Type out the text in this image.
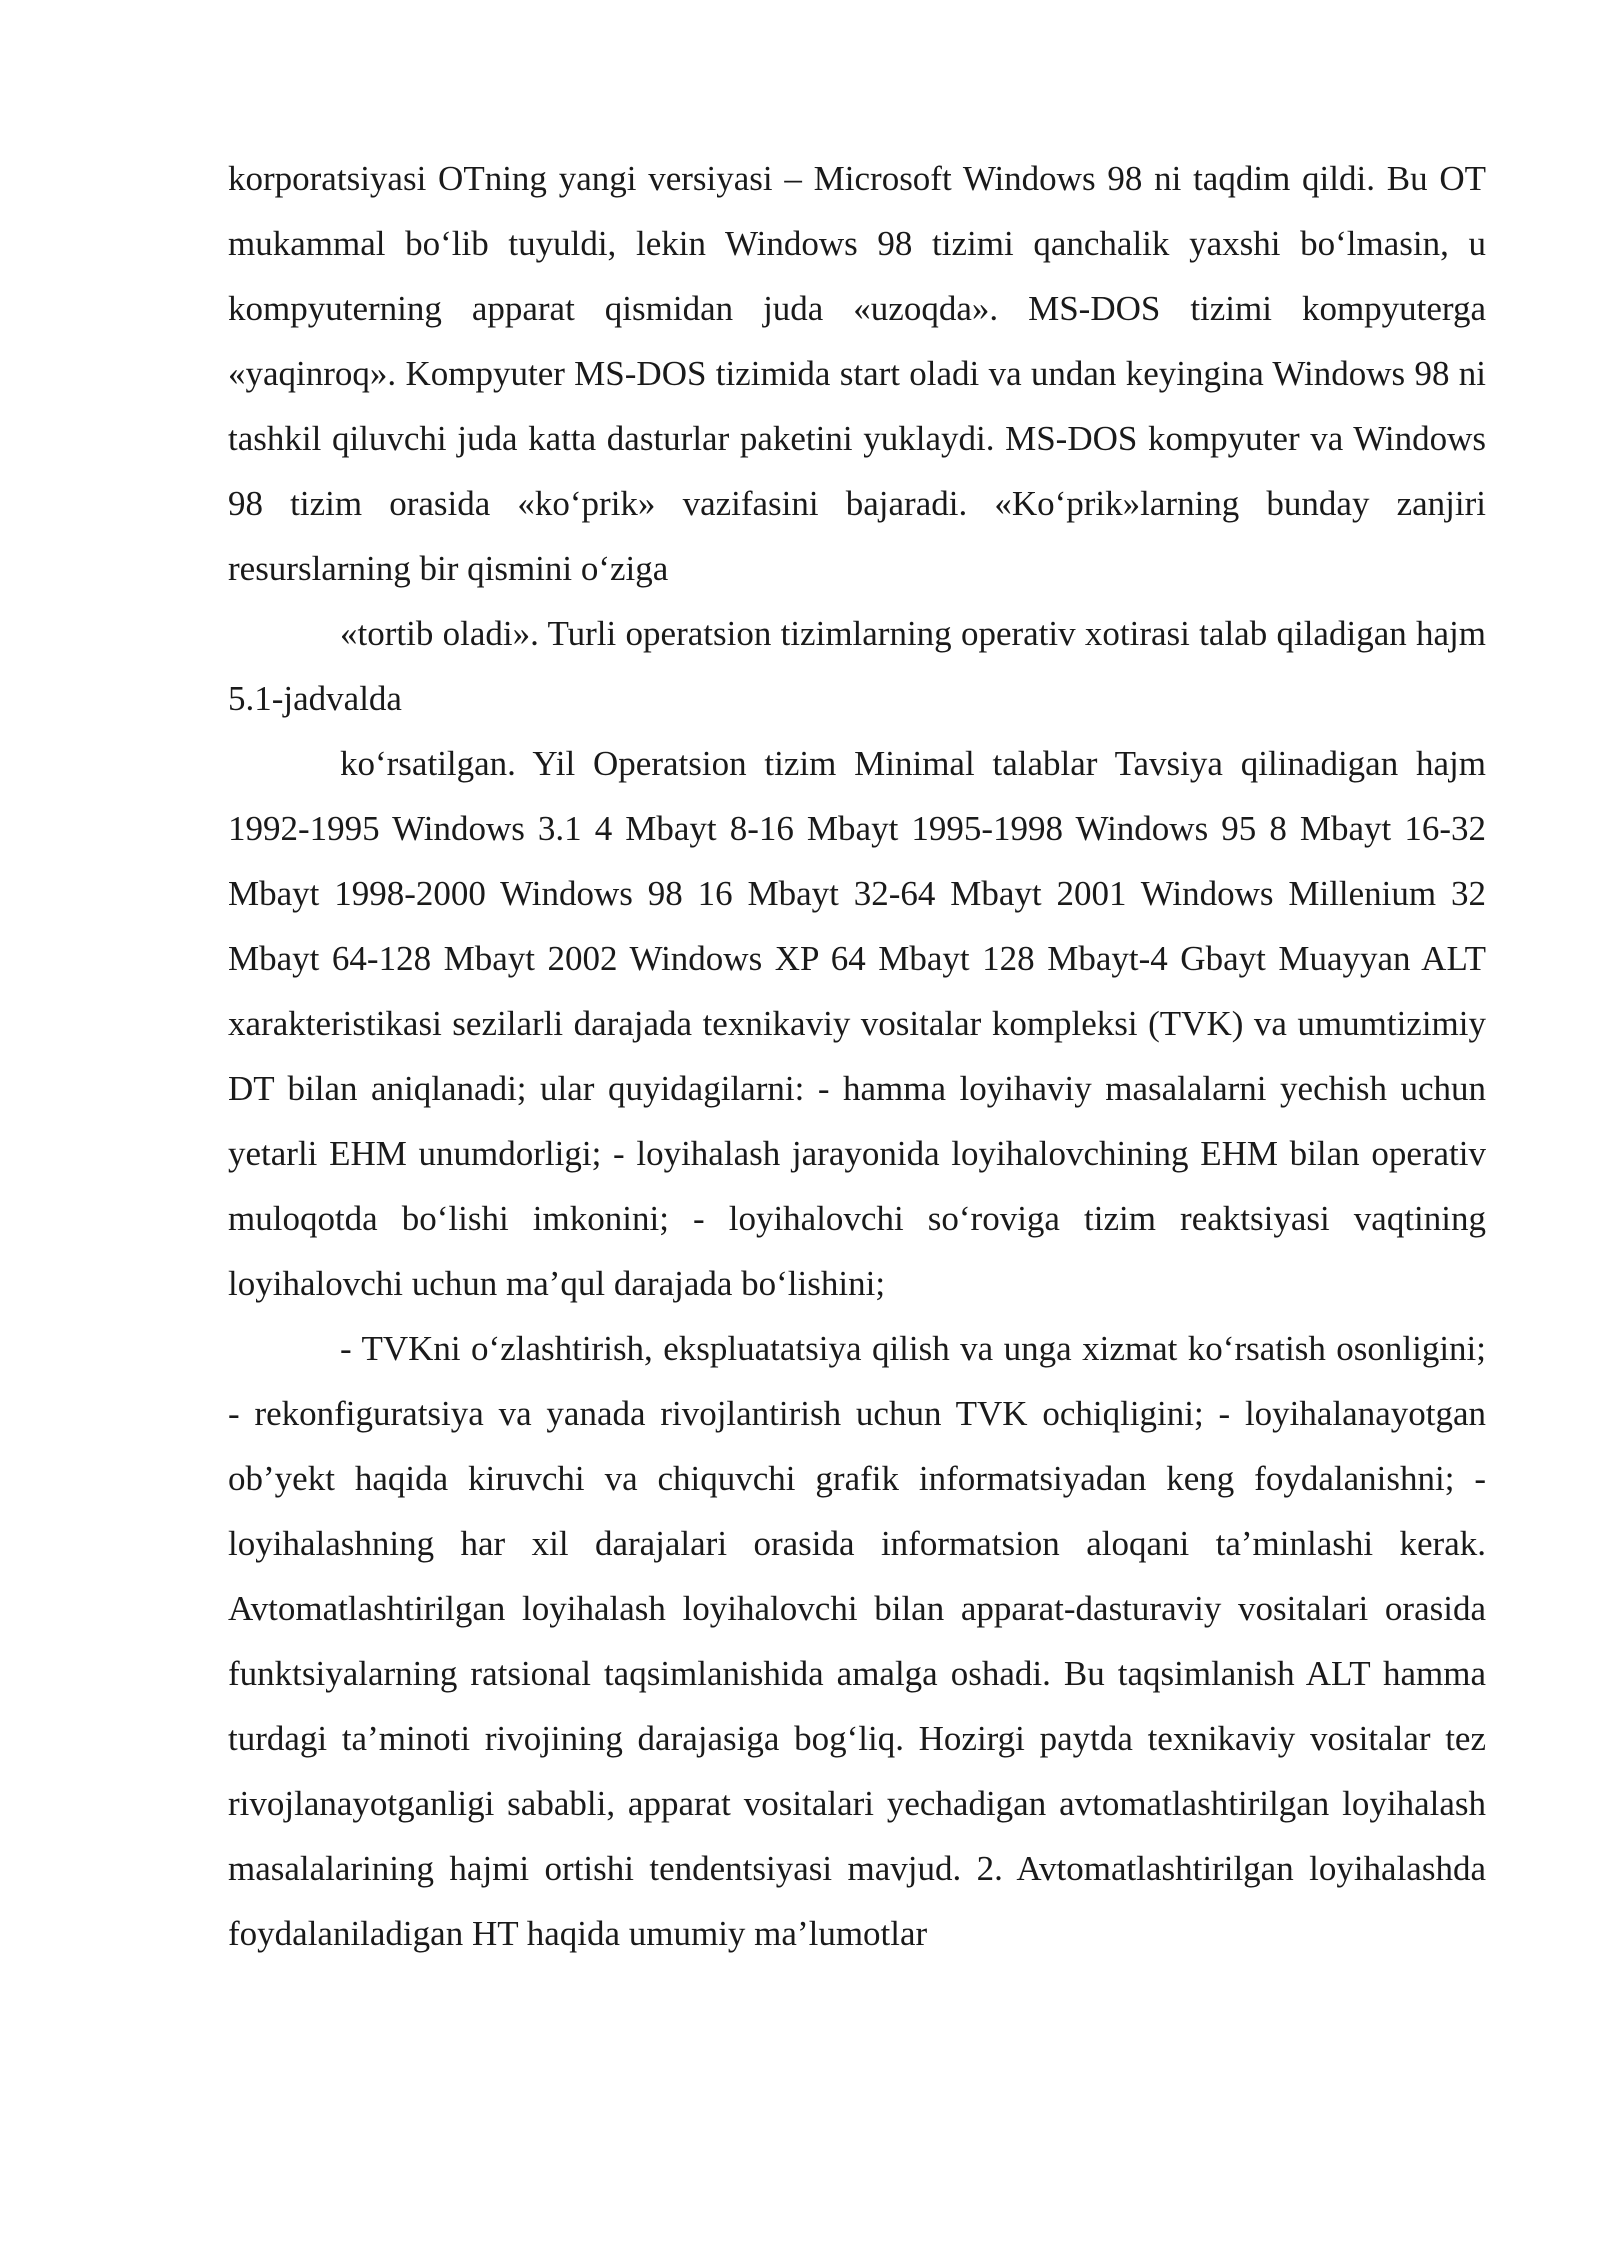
korporatsiyasi OTning yangi versiyasi – Microsoft Windows 98 ni taqdim qildi. Bu OT mukammal bo‘lib tuyuldi, lekin Windows 98 tizimi qanchalik yaxshi bo‘lmasin, u kompyuterning apparat qismidan juda «uzoqda». MS-DOS tizimi kompyuterga «yaqinroq». Kompyuter MS-DOS tizimida start oladi va undan keyingina Windows 98 ni tashkil qiluvchi juda katta dasturlar paketini yuklaydi. MS-DOS kompyuter va Windows 98 tizim orasida «ko‘prik» vazifasini bajaradi. «Ko‘prik»larning bunday zanjiri resurslarning bir qismini o‘ziga

«tortib oladi». Turli operatsion tizimlarning operativ xotirasi talab qiladigan hajm 5.1-jadvalda

ko‘rsatilgan. Yil Operatsion tizim Minimal talablar Tavsiya qilinadigan hajm 1992-1995 Windows 3.1 4 Mbayt 8-16 Mbayt 1995-1998 Windows 95 8 Mbayt 16-32 Mbayt 1998-2000 Windows 98 16 Mbayt 32-64 Mbayt 2001 Windows Millenium 32 Mbayt 64-128 Mbayt 2002 Windows XP 64 Mbayt 128 Mbayt-4 Gbayt Muayyan ALT xarakteristikasi sezilarli darajada texnikaviy vositalar kompleksi (TVK) va umumtizimiy DT bilan aniqlanadi; ular quyidagilarni: - hamma loyihaviy masalalarni yechish uchun yetarli EHM unumdorligi; - loyihalash jarayonida loyihalovchining EHM bilan operativ muloqotda bo‘lishi imkonini; - loyihalovchi so‘roviga tizim reaktsiyasi vaqtining loyihalovchi uchun ma’qul darajada bo‘lishini;

- TVKni o‘zlashtirish, ekspluatatsiya qilish va unga xizmat ko‘rsatish osonligini; - rekonfiguratsiya va yanada rivojlantirish uchun TVK ochiqligini; - loyihalanayotgan ob’yekt haqida kiruvchi va chiquvchi grafik informatsiyadan keng foydalanishni; - loyihalashning har xil darajalari orasida informatsion aloqani ta’minlashi kerak. Avtomatlashtirilgan loyihalash loyihalovchi bilan apparat-dasturaviy vositalari orasida funktsiyalarning ratsional taqsimlanishida amalga oshadi. Bu taqsimlanish ALT hamma turdagi ta’minoti rivojining darajasiga bog‘liq. Hozirgi paytda texnikaviy vositalar tez rivojlanayotganligi sababli, apparat vositalari yechadigan avtomatlashtirilgan loyihalash masalalarining hajmi ortishi tendentsiyasi mavjud. 2. Avtomatlashtirilgan loyihalashda foydalaniladigan HT haqida umumiy ma’lumotlar
